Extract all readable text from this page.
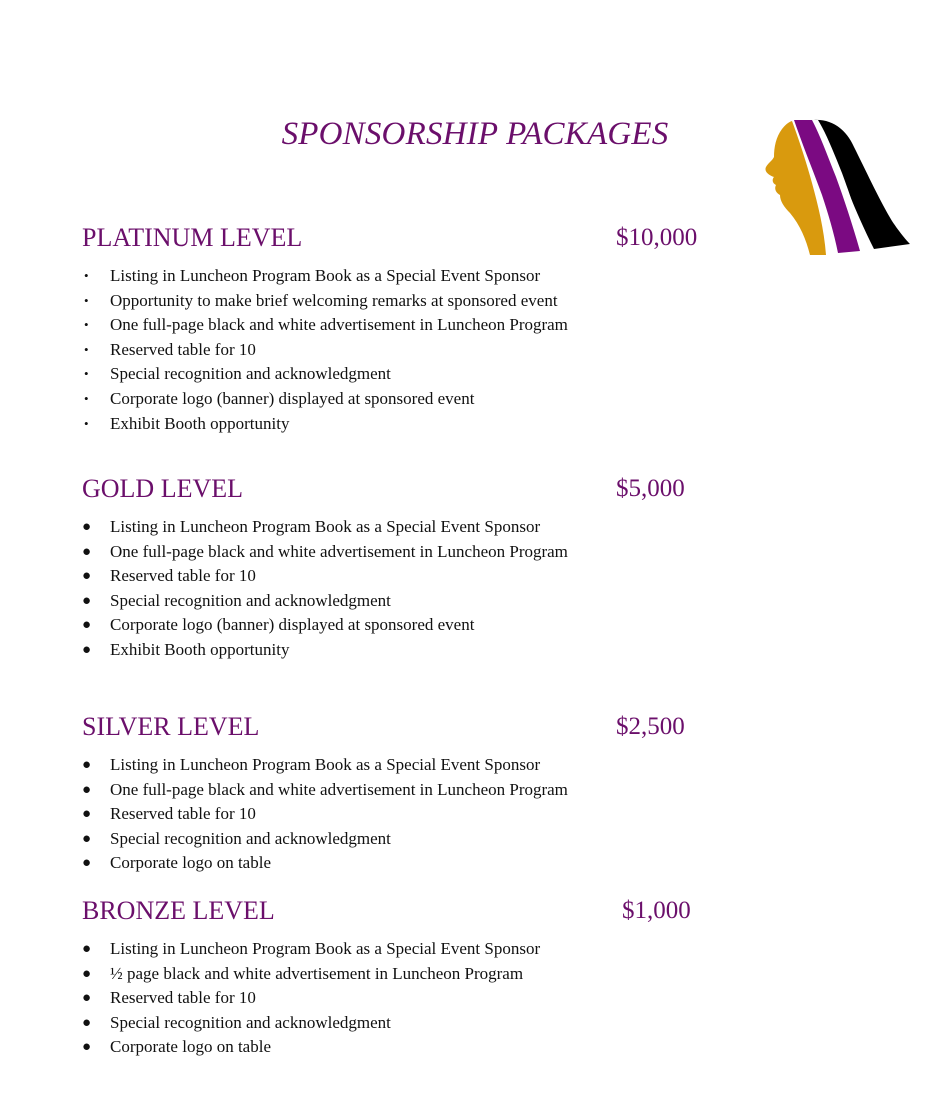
SPONSORSHIP PACKAGES
PLATINUM LEVEL	$10,000
•	Listing in Luncheon Program Book as a Special Event Sponsor
•	Opportunity to make brief welcoming remarks at sponsored event
•	One full-page black and white advertisement in Luncheon Program
•	Reserved table for 10
•	Special recognition and acknowledgment
•	Corporate logo (banner) displayed at sponsored event
•	Exhibit Booth opportunity
GOLD LEVEL	$5,000
● Listing in Luncheon Program Book as a Special Event Sponsor
● One full-page black and white advertisement in Luncheon Program
● Reserved table for 10
● Special recognition and acknowledgment
● Corporate logo (banner) displayed at sponsored event
● Exhibit Booth opportunity
SILVER LEVEL	$2,500
● Listing in Luncheon Program Book as a Special Event Sponsor
● One full-page black and white advertisement in Luncheon Program
● Reserved table for 10
● Special recognition and acknowledgment
● Corporate logo on table
BRONZE LEVEL	$1,000
● Listing in Luncheon Program Book as a Special Event Sponsor
● ½ page black and white advertisement in Luncheon Program
● Reserved table for 10
● Special recognition and acknowledgment
● Corporate logo on table
